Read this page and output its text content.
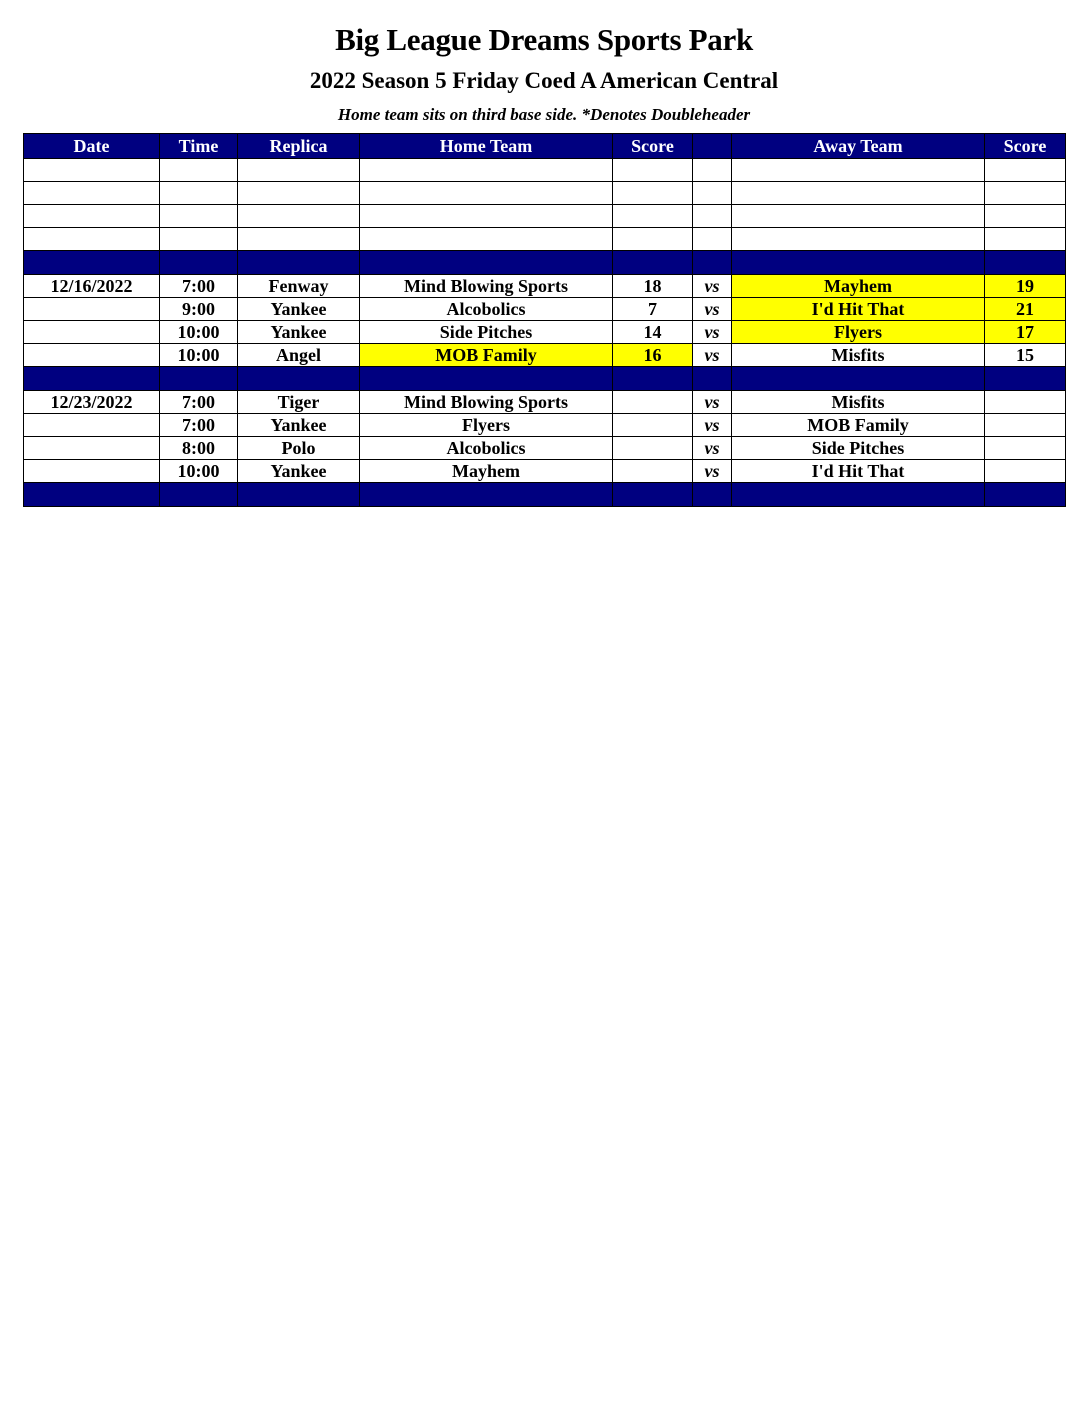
Big League Dreams Sports Park
2022 Season 5 Friday Coed A American Central
Home team sits on third base side. *Denotes Doubleheader
Date	Time	Replica	Home Team	Score		Away Team	Score

12/16/2022	7:00	Fenway	Mind Blowing Sports	18	vs	Mayhem	19
	9:00	Yankee	Alcobolics	7	vs	I'd Hit That	21
	10:00	Yankee	Side Pitches	14	vs	Flyers	17
	10:00	Angel	MOB Family	16	vs	Misfits	15

12/23/2022	7:00	Tiger	Mind Blowing Sports		vs	Misfits	
	7:00	Yankee	Flyers		vs	MOB Family	
	8:00	Polo	Alcobolics		vs	Side Pitches	
	10:00	Yankee	Mayhem		vs	I'd Hit That	
